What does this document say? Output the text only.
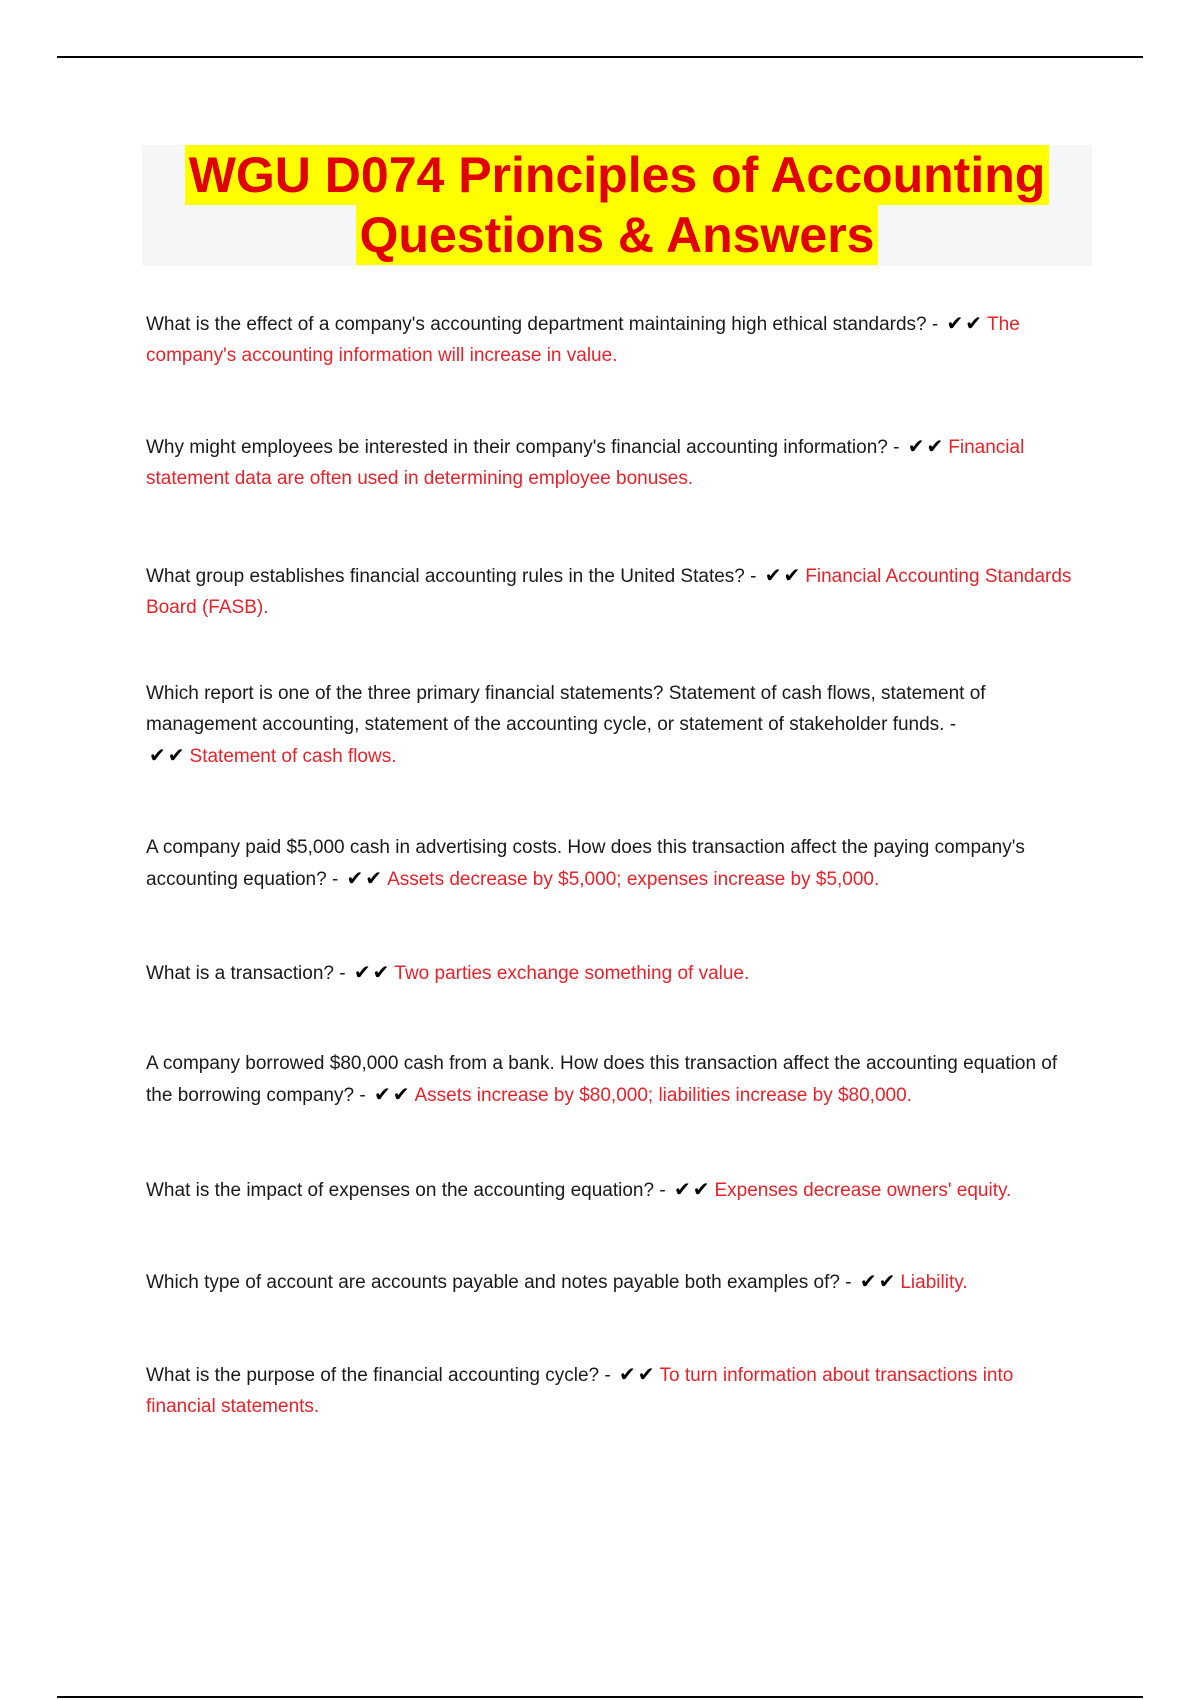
WGU D074 Principles of Accounting
Questions & Answers
What is the effect of a company's accounting department maintaining high ethical standards? - ✔✔ The company's accounting information will increase in value.
Why might employees be interested in their company's financial accounting information? - ✔✔ Financial statement data are often used in determining employee bonuses.
What group establishes financial accounting rules in the United States? - ✔✔ Financial Accounting Standards Board (FASB).
Which report is one of the three primary financial statements? Statement of cash flows, statement of management accounting, statement of the accounting cycle, or statement of stakeholder funds. - ✔✔ Statement of cash flows.
A company paid $5,000 cash in advertising costs. How does this transaction affect the paying company's accounting equation? - ✔✔ Assets decrease by $5,000; expenses increase by $5,000.
What is a transaction? - ✔✔ Two parties exchange something of value.
A company borrowed $80,000 cash from a bank. How does this transaction affect the accounting equation of the borrowing company? - ✔✔ Assets increase by $80,000; liabilities increase by $80,000.
What is the impact of expenses on the accounting equation? - ✔✔ Expenses decrease owners' equity.
Which type of account are accounts payable and notes payable both examples of? - ✔✔ Liability.
What is the purpose of the financial accounting cycle? - ✔✔ To turn information about transactions into financial statements.
